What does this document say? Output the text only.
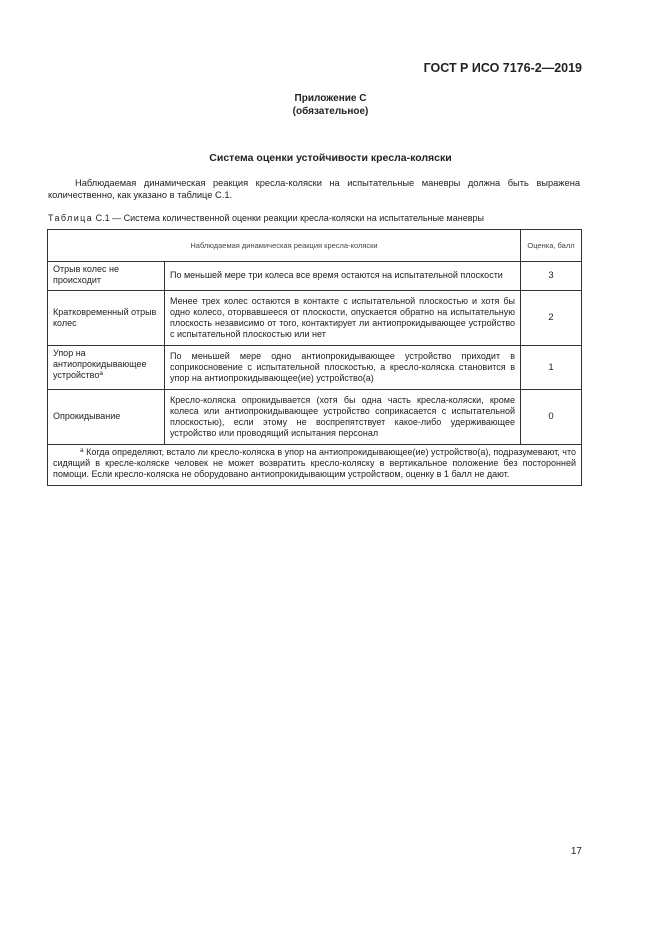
ГОСТ Р ИСО 7176-2—2019
Приложение С
(обязательное)
Система оценки устойчивости кресла-коляски

Наблюдаемая динамическая реакция кресла-коляски на испытательные маневры должна быть выражена количественно, как указано в таблице С.1.

Таблица С.1 — Система количественной оценки реакции кресла-коляски на испытательные маневры
Наблюдаемая динамическая реакция кресла-коляски		Оценка, балл
Отрыв колес не происходит	По меньшей мере три колеса все время остаются на испытательной плоскости	3
Кратковременный отрыв колес	Менее трех колес остаются в контакте с испытательной плоскостью и хотя бы одно колесо, оторвавшееся от плоскости, опускается обратно на испытательную плоскость независимо от того, контактирует ли антиопрокидывающее устройство с испытательной плоскостью или нет	2
Упор на антиопрокидывающее устройство$^а$	По меньшей мере одно антиопрокидывающее устройство приходит в соприкосновение с испытательной плоскостью, а кресло-коляска становится в упор на антиопрокидывающее(ие) устройство(а)	1
Опрокидывание	Кресло-коляска опрокидывается (хотя бы одна часть кресла-коляски, кроме колеса или антиопрокидывающее устройство соприкасается с испытательной плоскостью), если этому не воспрепятствует какое-либо удерживающее устройство или проводящий испытания персонал	0
$^а$ Когда определяют, встало ли кресло-коляска в упор на антиопрокидывающее(ие) устройство(а), подразумевают, что сидящий в кресле-коляске человек не может возвратить кресло-коляску в вертикальное положение без посторонней помощи. Если кресло-коляска не оборудовано антиопрокидывающим устройством, оценку в 1 балл не дают.		
17
